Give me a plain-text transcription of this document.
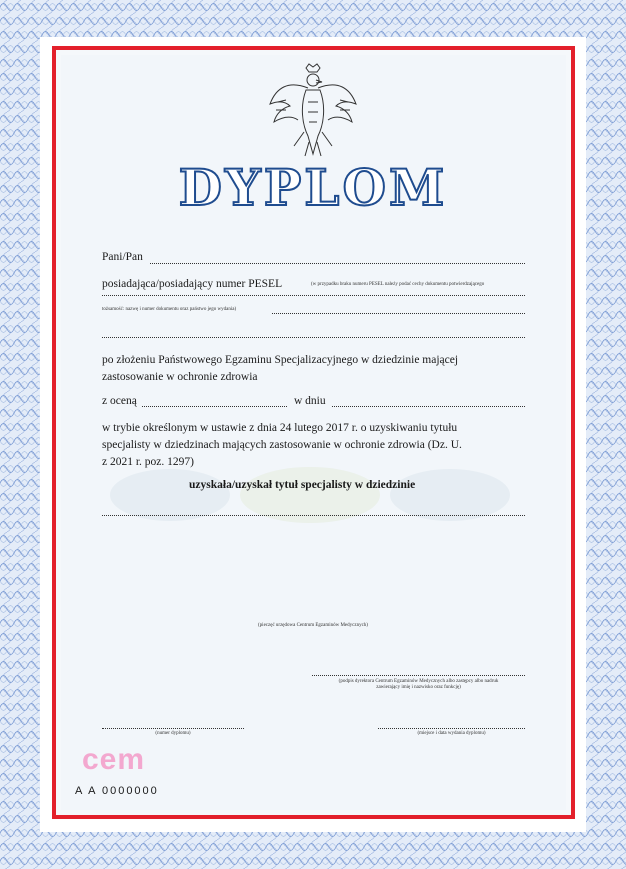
DYPLOM
Pani/Pan
posiadająca/posiadający numer PESEL	(w przypadku braku numeru PESEL należy podać cechy dokumentu potwierdzającego
tożsamość: nazwę i numer dokumentu oraz państwo jego wydania)
po złożeniu Państwowego Egzaminu Specjalizacyjnego w dziedzinie mającej
zastosowanie w ochronie zdrowia
z oceną	w dniu
w trybie określonym w ustawie z dnia 24 lutego 2017 r. o uzyskiwaniu tytułu
specjalisty w dziedzinach mających zastosowanie w ochronie zdrowia (Dz. U.
z 2021 r. poz. 1297)
uzyskała/uzyskał tytuł specjalisty w dziedzinie
(pieczęć urzędowa Centrum Egzaminów Medycznych)
(podpis dyrektora Centrum Egzaminów Medycznych albo zastępcy albo nadruk
zawierający imię i nazwisko oraz funkcję)
(numer dyplomu)	(miejsce i data wydania dyplomu)
cem
A A 0000000
